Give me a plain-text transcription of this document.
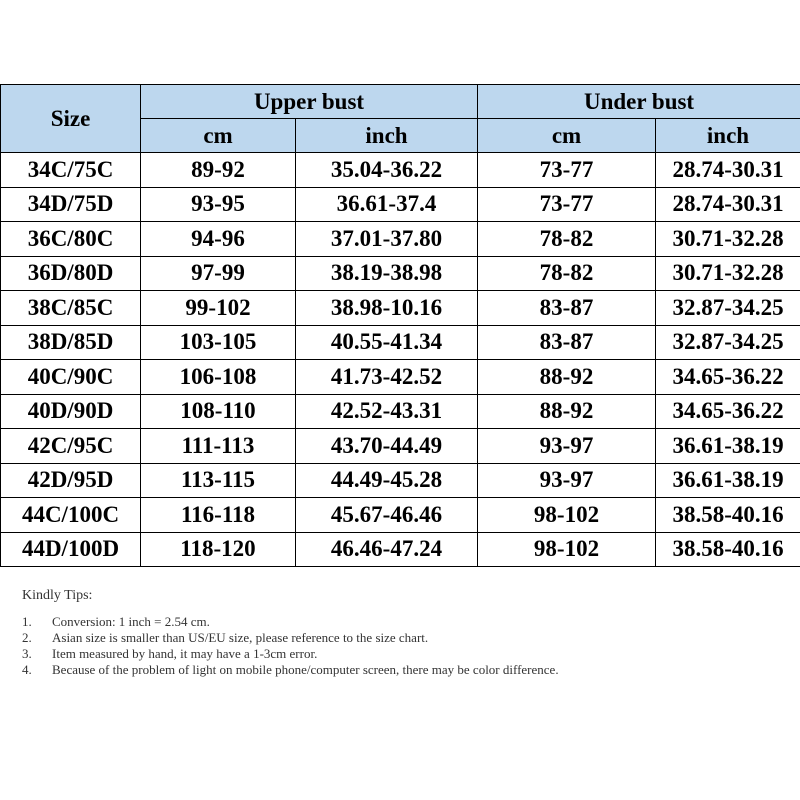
Size	Upper bust		Under bust	
	cm	inch	cm	inch
34C/75C	89-92	35.04-36.22	73-77	28.74-30.31
34D/75D	93-95	36.61-37.4	73-77	28.74-30.31
36C/80C	94-96	37.01-37.80	78-82	30.71-32.28
36D/80D	97-99	38.19-38.98	78-82	30.71-32.28
38C/85C	99-102	38.98-10.16	83-87	32.87-34.25
38D/85D	103-105	40.55-41.34	83-87	32.87-34.25
40C/90C	106-108	41.73-42.52	88-92	34.65-36.22
40D/90D	108-110	42.52-43.31	88-92	34.65-36.22
42C/95C	111-113	43.70-44.49	93-97	36.61-38.19
42D/95D	113-115	44.49-45.28	93-97	36.61-38.19
44C/100C	116-118	45.67-46.46	98-102	38.58-40.16
44D/100D	118-120	46.46-47.24	98-102	38.58-40.16
Kindly Tips:
1.	Conversion: 1 inch = 2.54 cm.
2.	Asian size is smaller than US/EU size, please reference to the size chart.
3.	Item measured by hand, it may have a 1-3cm error.
4.	Because of the problem of light on mobile phone/computer screen, there may be color difference.
